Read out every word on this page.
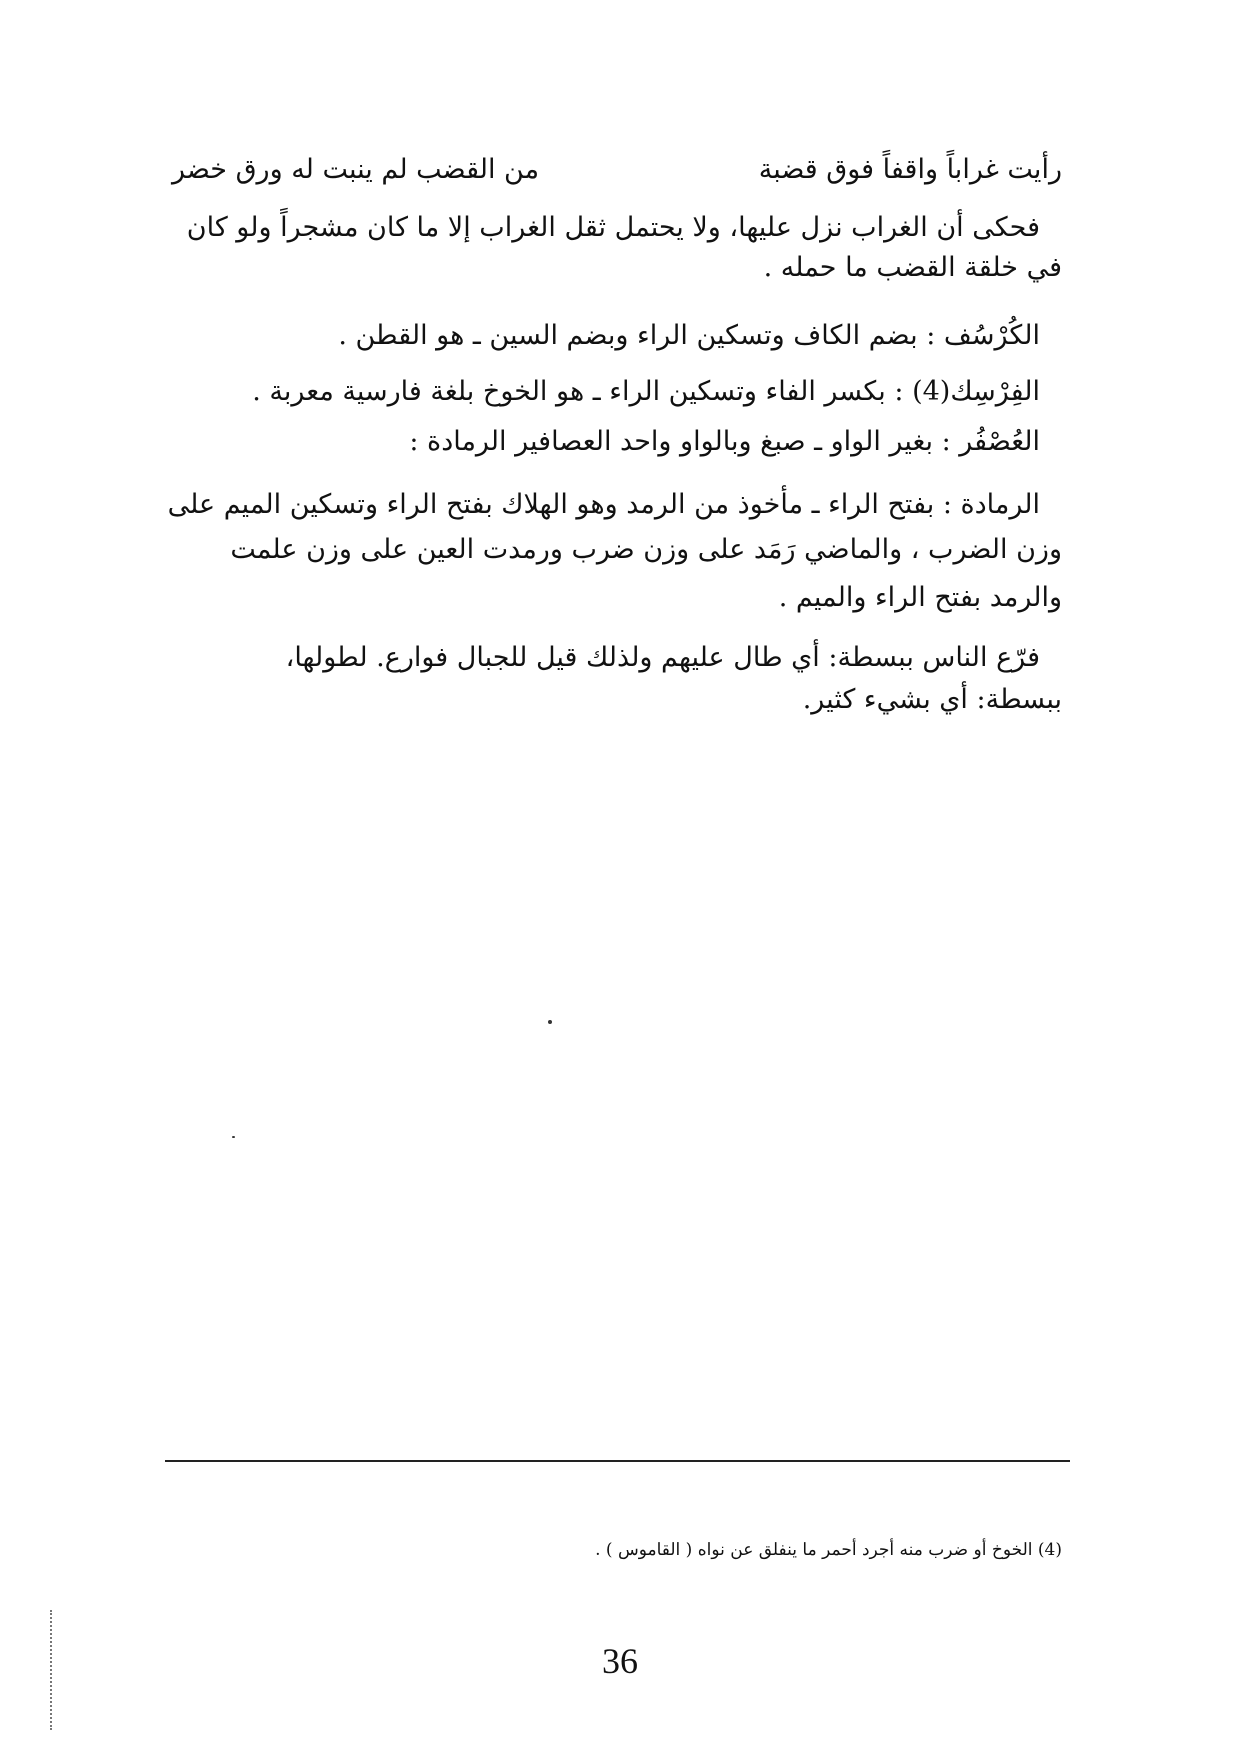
رأيت غراباً واقفاً فوق قضبة
من القضب لم ينبت له ورق خضر
فحكى أن الغراب نزل عليها، ولا يحتمل ثقل الغراب إلا ما كان مشجراً ولو كان
في خلقة القضب ما حمله .
الكُرْسُف : بضم الكاف وتسكين الراء وبضم السين ـ هو القطن .
الفِرْسِك(4) : بكسر الفاء وتسكين الراء ـ هو الخوخ بلغة فارسية معربة .
العُصْفُر : بغير الواو ـ صبغ وبالواو واحد العصافير الرمادة :
الرمادة : بفتح الراء ـ مأخوذ من الرمد وهو الهلاك بفتح الراء وتسكين الميم على
وزن الضرب ، والماضي رَمَد على وزن ضرب ورمدت العين على وزن علمت
والرمد بفتح الراء والميم .
فرّع الناس ببسطة: أي طال عليهم ولذلك قيل للجبال فوارع. لطولها،
ببسطة: أي بشيء كثير.
(4) الخوخ أو ضرب منه أجرد أحمر ما ينفلق عن نواه ( القاموس ) .
36
